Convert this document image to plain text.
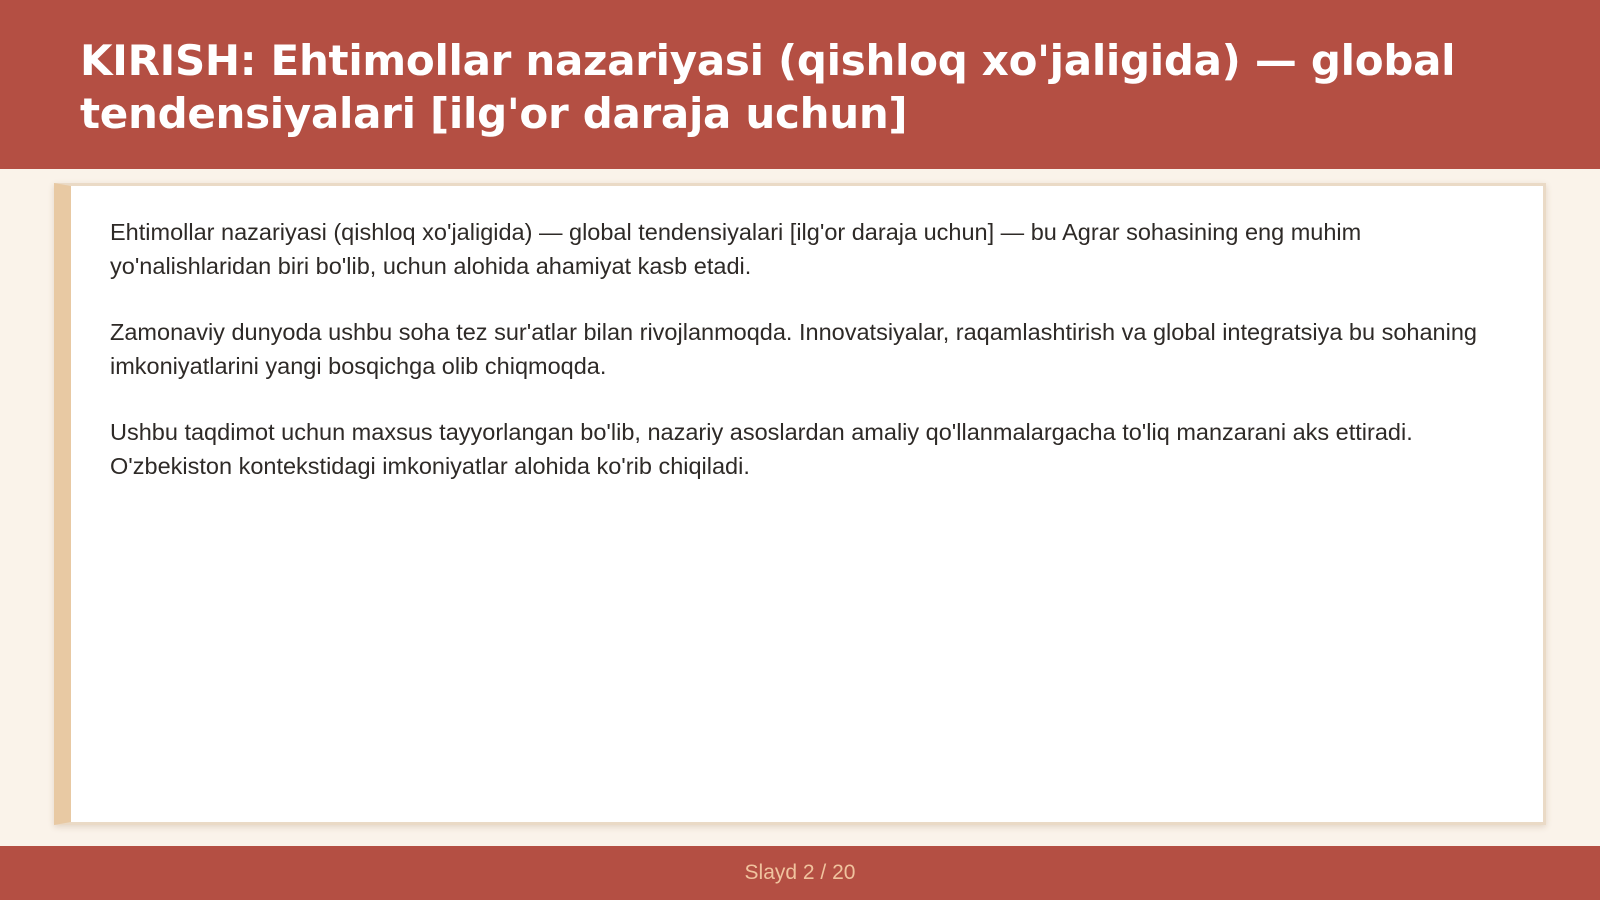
KIRISH: Ehtimollar nazariyasi (qishloq xo'jaligida) — global tendensiyalari [ilg'or daraja uchun]

Ehtimollar nazariyasi (qishloq xo'jaligida) — global tendensiyalari [ilg'or daraja uchun] — bu Agrar sohasining eng muhim yo'nalishlaridan biri bo'lib, uchun alohida ahamiyat kasb etadi.

Zamonaviy dunyoda ushbu soha tez sur'atlar bilan rivojlanmoqda. Innovatsiyalar, raqamlashtirish va global integratsiya bu sohaning imkoniyatlarini yangi bosqichga olib chiqmoqda.

Ushbu taqdimot uchun maxsus tayyorlangan bo'lib, nazariy asoslardan amaliy qo'llanmalargacha to'liq manzarani aks ettiradi. O'zbekiston kontekstidagi imkoniyatlar alohida ko'rib chiqiladi.

Slayd 2 / 20
